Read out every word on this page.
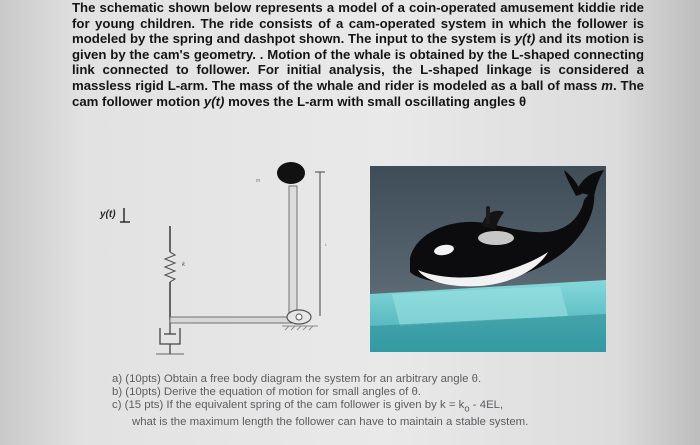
The schematic shown below represents a model of a coin-operated amusement kiddie ride for young children. The ride consists of a cam-operated system in which the follower is modeled by the spring and dashpot shown. The input to the system is y(t) and its motion is given by the cam's geometry. . Motion of the whale is obtained by the L-shaped connecting link connected to follower. For initial analysis, the L-shaped linkage is considered a massless rigid L-arm. The mass of the whale and rider is modeled as a ball of mass m. The cam follower motion y(t) moves the L-arm with small oscillating angles θ

y(t)
k
m
L
a) (10pts) Obtain a free body diagram the system for an arbitrary angle θ.
b) (10pts) Derive the equation of motion for small angles of θ.
c) (15 pts) If the equivalent spring of the cam follower is given by $k = k_o - 4EL$,
what is the maximum length the follower can have to maintain a stable system.
